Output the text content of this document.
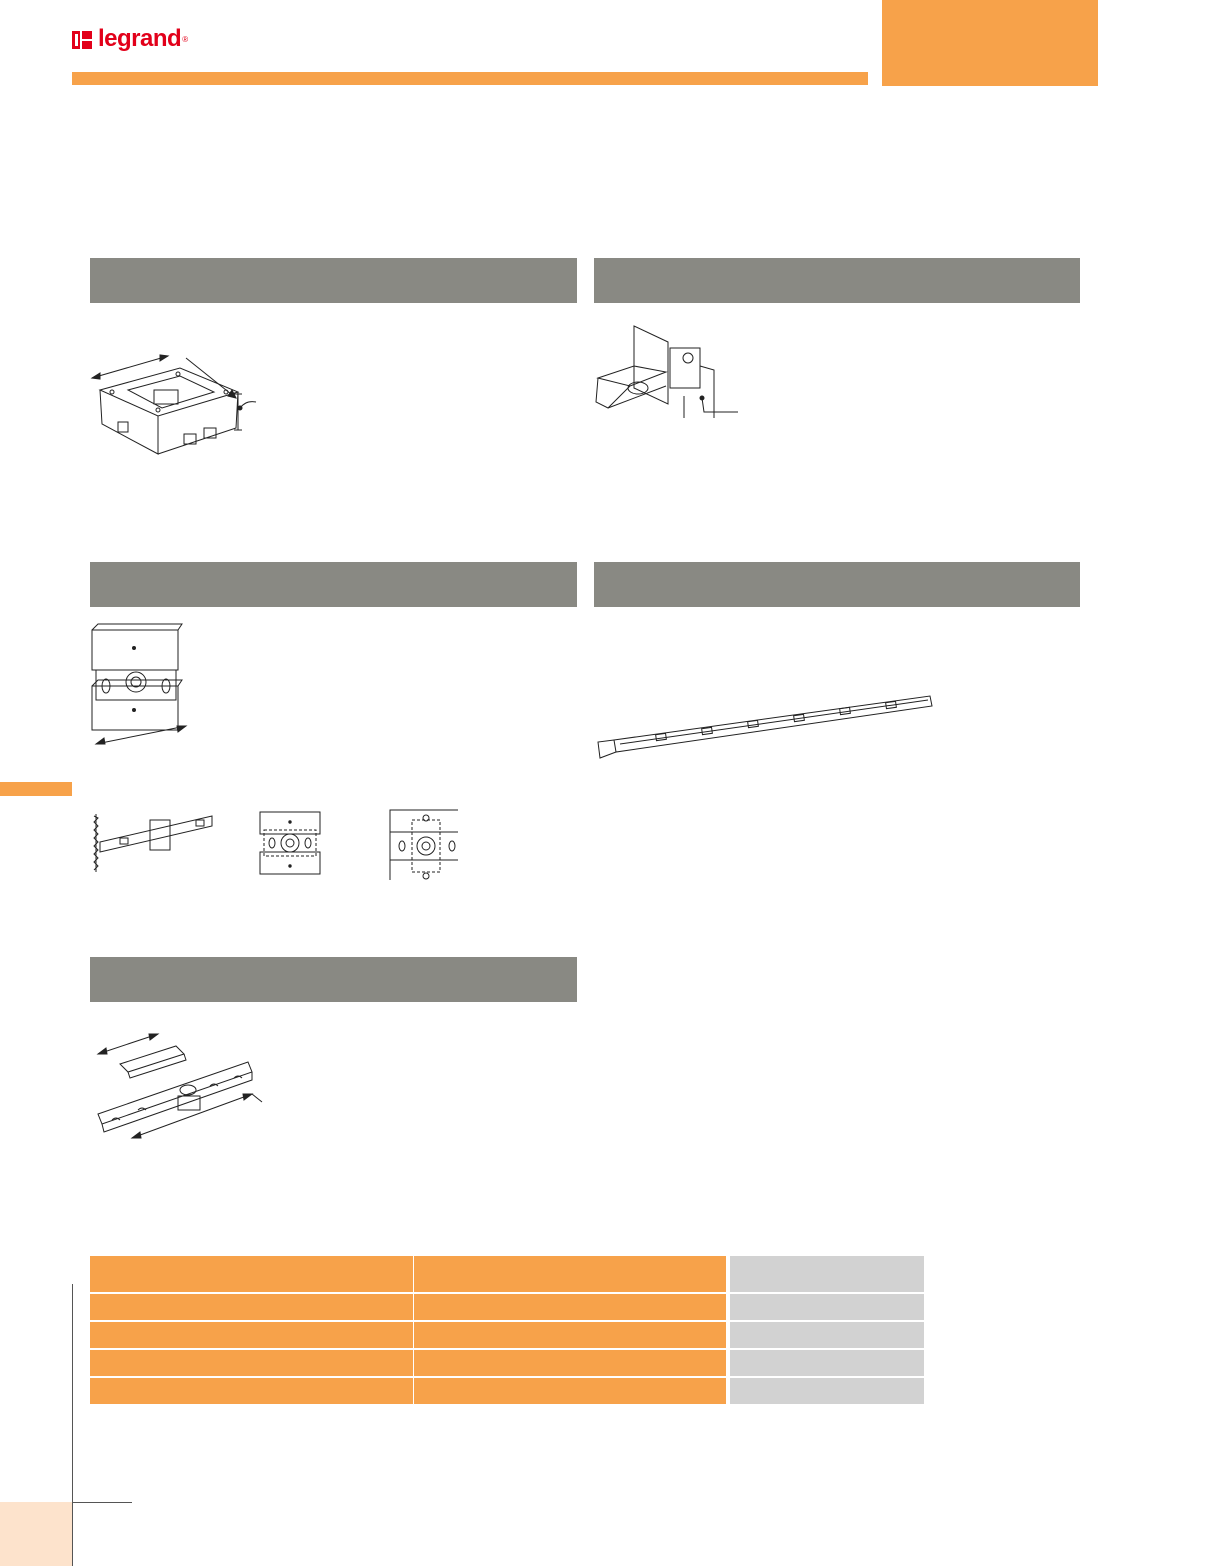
legrand ®
